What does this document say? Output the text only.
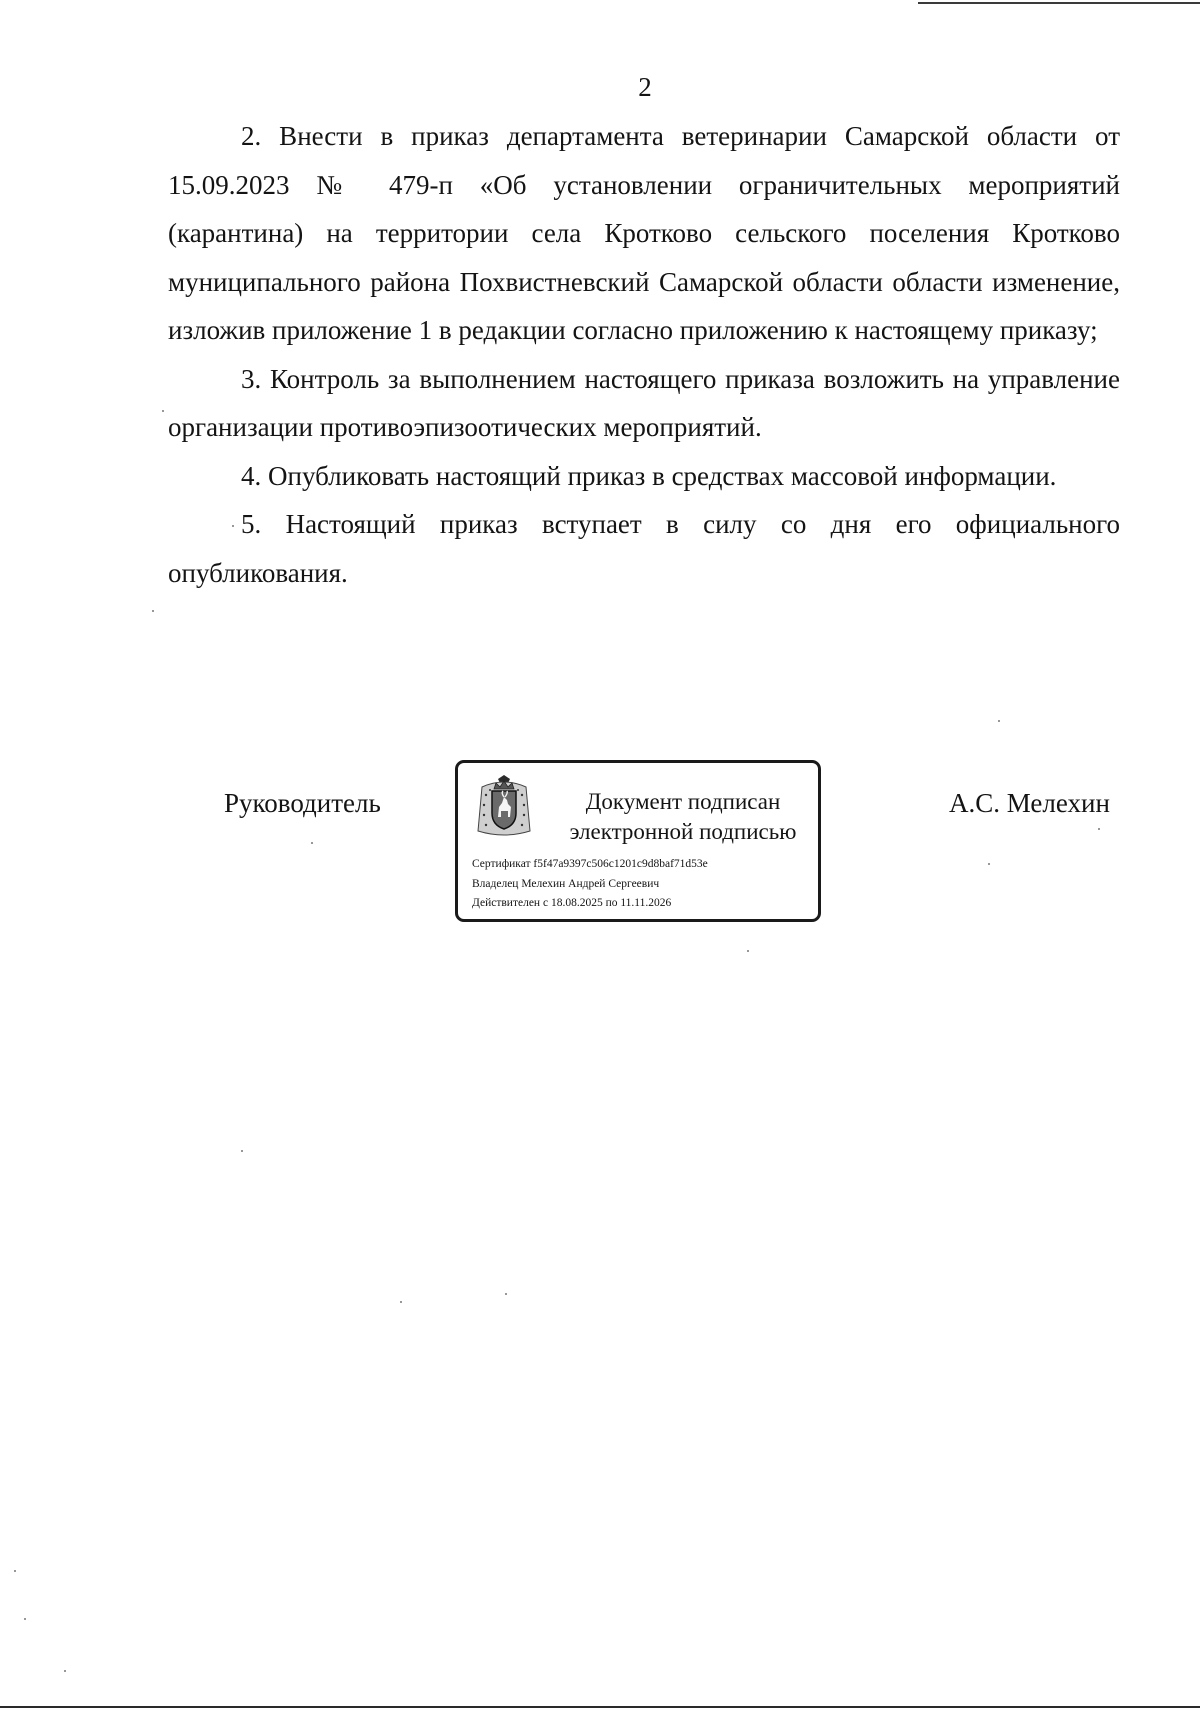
2

2. Внести в приказ департамента ветеринарии Самарской области от 15.09.2023 № 479-п «Об установлении ограничительных мероприятий (карантина) на территории села Кротково сельского поселения Кротково муниципального района Похвистневский Самарской области области изменение, изложив приложение 1 в редакции согласно приложению к настоящему приказу;

3. Контроль за выполнением настоящего приказа возложить на управление организации противоэпизоотических мероприятий.

4. Опубликовать настоящий приказ в средствах массовой информации.

5. Настоящий приказ вступает в силу со дня его официального опубликования.

Руководитель	Документ подписан
электронной подписью
Сертификат f5f47a9397c506c1201c9d8baf71d53e
Владелец Мелехин Андрей Сергеевич
Действителен с 18.08.2025 по 11.11.2026
А.С. Мелехин
